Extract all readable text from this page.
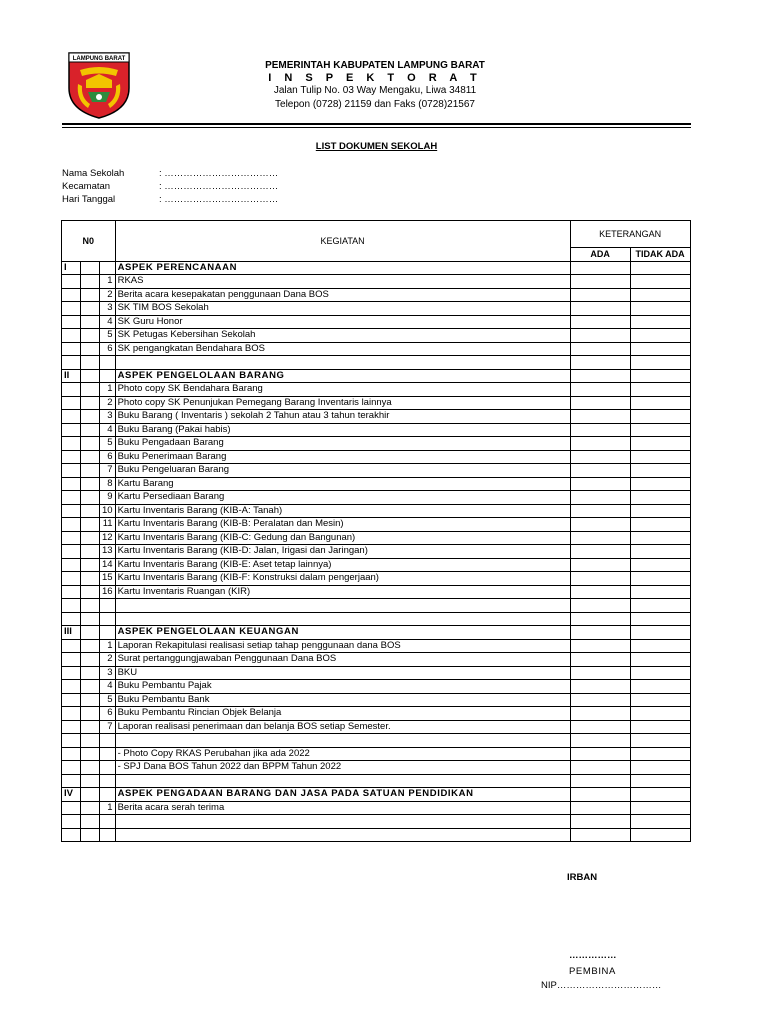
LAMPUNG BARAT
PEMERINTAH KABUPATEN LAMPUNG BARAT
I N S P E K T O R A T
Jalan Tulip No. 03 Way Mengaku, Liwa 34811
Telepon (0728) 21159 dan Faks (0728)21567
LIST DOKUMEN SEKOLAH
Nama Sekolah	: ………………………………
Kecamatan	: ………………………………
Hari Tanggal	: ………………………………
N0			KEGIATAN	KETERANGAN	
				ADA	TIDAK ADA
I			ASPEK PERENCANAAN		
		1	RKAS		
		2	Berita acara kesepakatan penggunaan Dana BOS		
		3	SK TIM BOS Sekolah		
		4	SK Guru Honor		
		5	SK Petugas Kebersihan Sekolah		
		6	SK pengangkatan Bendahara BOS		

II			ASPEK PENGELOLAAN BARANG		
		1	Photo copy SK Bendahara Barang		
		2	Photo copy SK Penunjukan Pemegang Barang Inventaris lainnya		
		3	Buku Barang ( Inventaris ) sekolah 2 Tahun atau 3 tahun terakhir		
		4	Buku Barang (Pakai habis)		
		5	Buku Pengadaan Barang		
		6	Buku Penerimaan Barang		
		7	Buku Pengeluaran Barang		
		8	Kartu Barang		
		9	Kartu Persediaan Barang		
		10	Kartu Inventaris Barang (KIB-A: Tanah)		
		11	Kartu Inventaris Barang (KIB-B: Peralatan dan Mesin)		
		12	Kartu Inventaris Barang (KIB-C: Gedung dan Bangunan)		
		13	Kartu Inventaris Barang (KIB-D: Jalan, Irigasi dan Jaringan)		
		14	Kartu Inventaris Barang (KIB-E: Aset tetap lainnya)		
		15	Kartu Inventaris Barang (KIB-F: Konstruksi dalam pengerjaan)		
		16	Kartu Inventaris Ruangan (KIR)		

III			ASPEK PENGELOLAAN KEUANGAN		
		1	Laporan Rekapitulasi realisasi setiap tahap penggunaan dana BOS		
		2	Surat pertanggungjawaban Penggunaan Dana BOS		
		3	BKU		
		4	Buku Pembantu Pajak		
		5	Buku Pembantu Bank		
		6	Buku Pembantu Rincian Objek Belanja		
		7	Laporan realisasi penerimaan dan belanja BOS setiap Semester.		

			- Photo Copy RKAS Perubahan jika ada 2022		
			- SPJ Dana BOS Tahun 2022 dan BPPM Tahun 2022		

IV			ASPEK PENGADAAN BARANG DAN JASA PADA SATUAN PENDIDIKAN		
		1	Berita acara serah terima		

IRBAN
……………
PEMBINA
NIP……………………………
